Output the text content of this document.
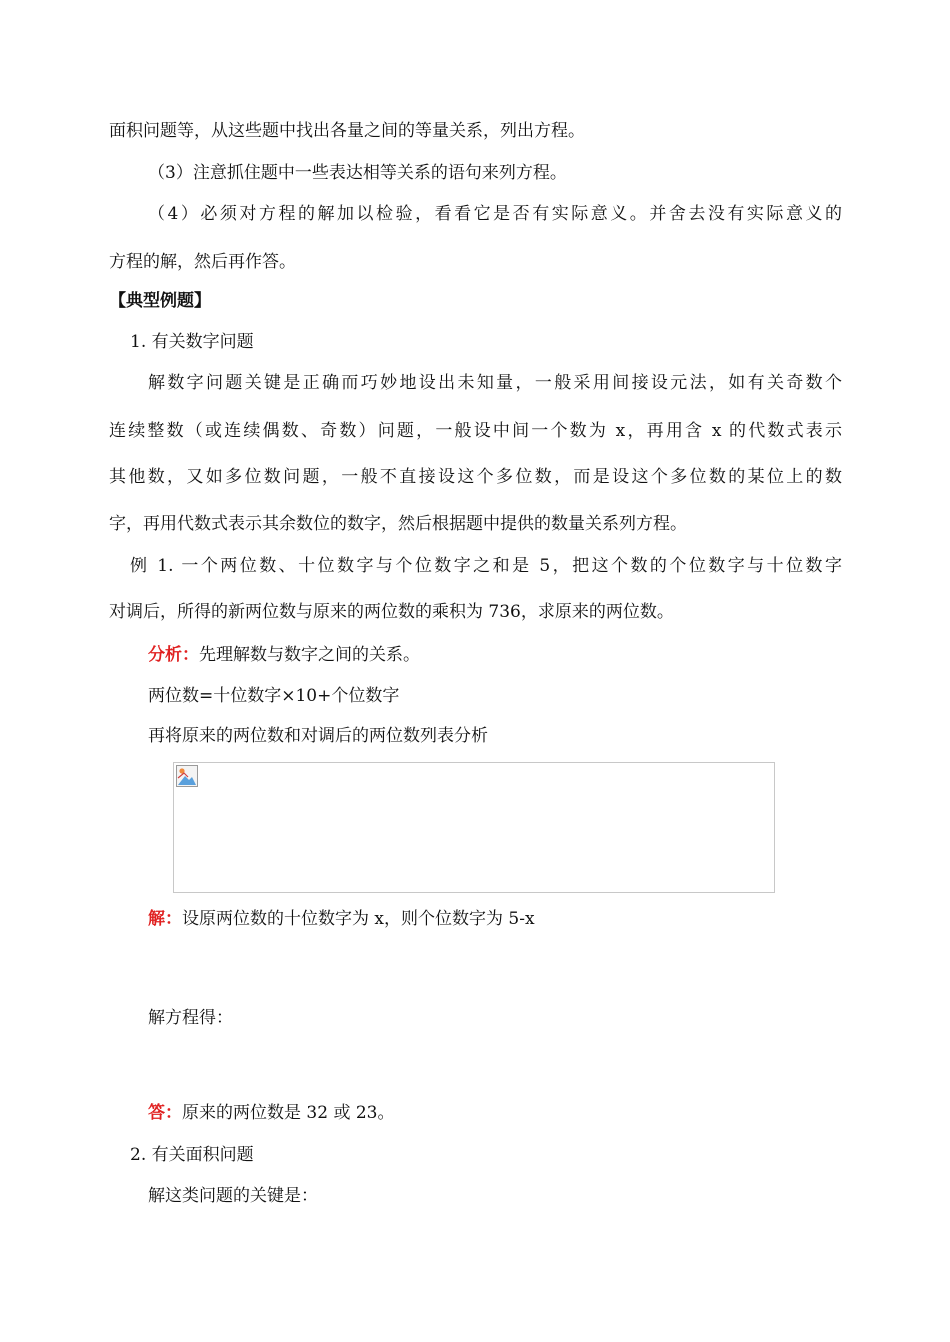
面积问题等，从这些题中找出各量之间的等量关系，列出方程。
（3）注意抓住题中一些表达相等关系的语句来列方程。
（4）必须对方程的解加以检验，看看它是否有实际意义。并舍去没有实际意义的
方程的解，然后再作答。
【典型例题】
1. 有关数字问题
解数字问题关键是正确而巧妙地设出未知量，一般采用间接设元法，如有关奇数个
连续整数（或连续偶数、奇数）问题，一般设中间一个数为 x，再用含 x 的代数式表示
其他数，又如多位数问题，一般不直接设这个多位数，而是设这个多位数的某位上的数
字，再用代数式表示其余数位的数字，然后根据题中提供的数量关系列方程。
例 1. 一个两位数、十位数字与个位数字之和是 5，把这个数的个位数字与十位数字
对调后，所得的新两位数与原来的两位数的乘积为 736，求原来的两位数。
分析：先理解数与数字之间的关系。
两位数=十位数字×10+个位数字
再将原来的两位数和对调后的两位数列表分析
解：设原两位数的十位数字为 x，则个位数字为 5-x
解方程得：
答：原来的两位数是 32 或 23。
2. 有关面积问题
解这类问题的关键是：
